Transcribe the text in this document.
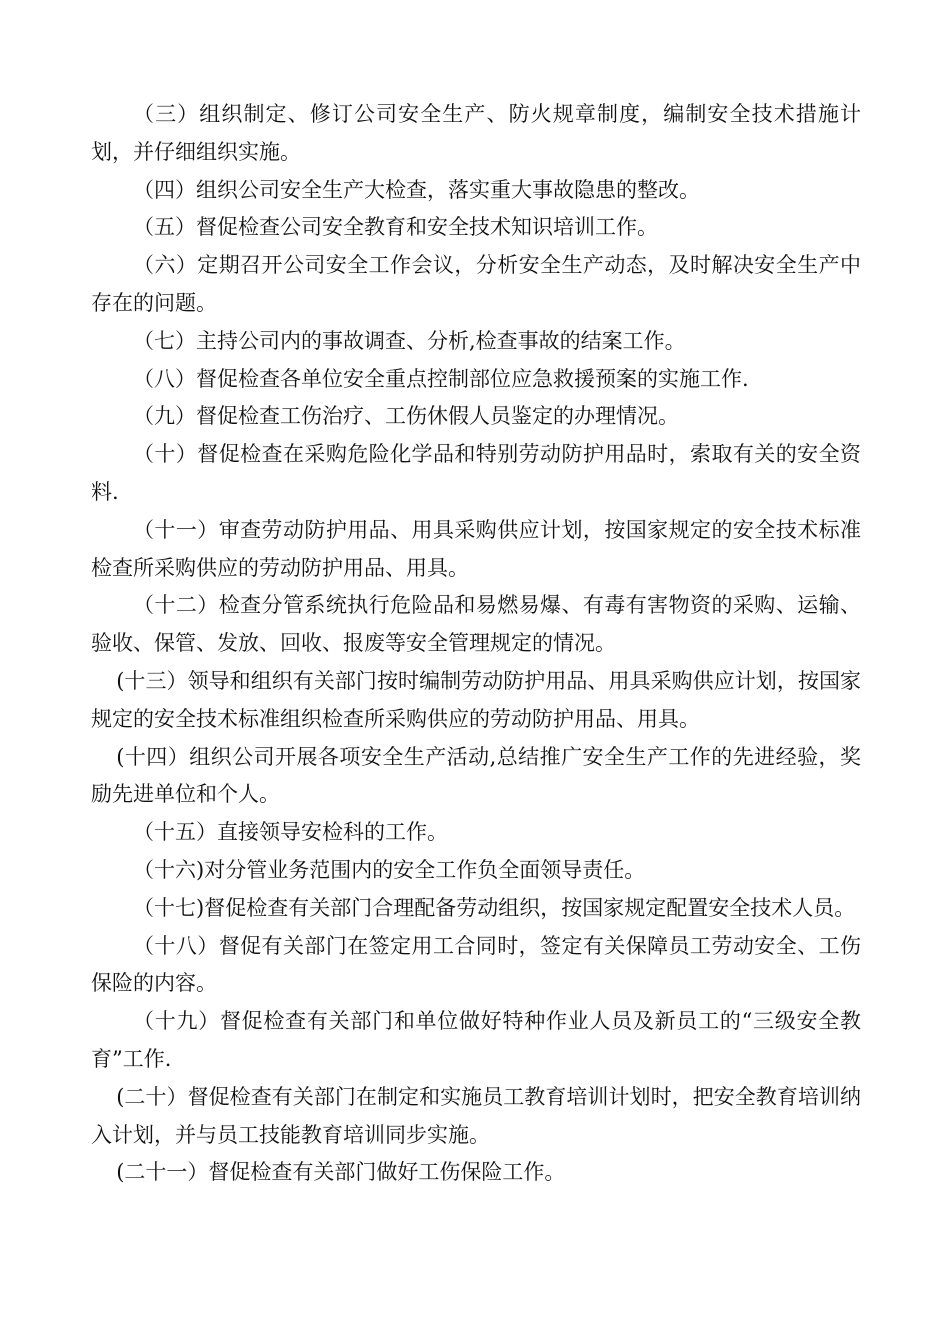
（三）组织制定、修订公司安全生产、防火规章制度，编制安全技术措施计划，并仔细组织实施。

（四）组织公司安全生产大检查，落实重大事故隐患的整改。

（五）督促检查公司安全教育和安全技术知识培训工作。

（六）定期召开公司安全工作会议，分析安全生产动态，及时解决安全生产中存在的问题。

（七）主持公司内的事故调查、分析,检查事故的结案工作。

（八）督促检查各单位安全重点控制部位应急救援预案的实施工作.

（九）督促检查工伤治疗、工伤休假人员鉴定的办理情况。

（十）督促检查在采购危险化学品和特别劳动防护用品时，索取有关的安全资料.

（十一）审查劳动防护用品、用具采购供应计划，按国家规定的安全技术标准检查所采购供应的劳动防护用品、用具。

（十二）检查分管系统执行危险品和易燃易爆、有毒有害物资的采购、运输、验收、保管、发放、回收、报废等安全管理规定的情况。

(十三）领导和组织有关部门按时编制劳动防护用品、用具采购供应计划，按国家规定的安全技术标准组织检查所采购供应的劳动防护用品、用具。

(十四）组织公司开展各项安全生产活动,总结推广安全生产工作的先进经验，奖励先进单位和个人。

（十五）直接领导安检科的工作。

（十六)对分管业务范围内的安全工作负全面领导责任。

（十七)督促检查有关部门合理配备劳动组织，按国家规定配置安全技术人员。

（十八）督促有关部门在签定用工合同时，签定有关保障员工劳动安全、工伤保险的内容。

（十九）督促检查有关部门和单位做好特种作业人员及新员工的“三级安全教育”工作.

(二十）督促检查有关部门在制定和实施员工教育培训计划时，把安全教育培训纳入计划，并与员工技能教育培训同步实施。

(二十一）督促检查有关部门做好工伤保险工作。
